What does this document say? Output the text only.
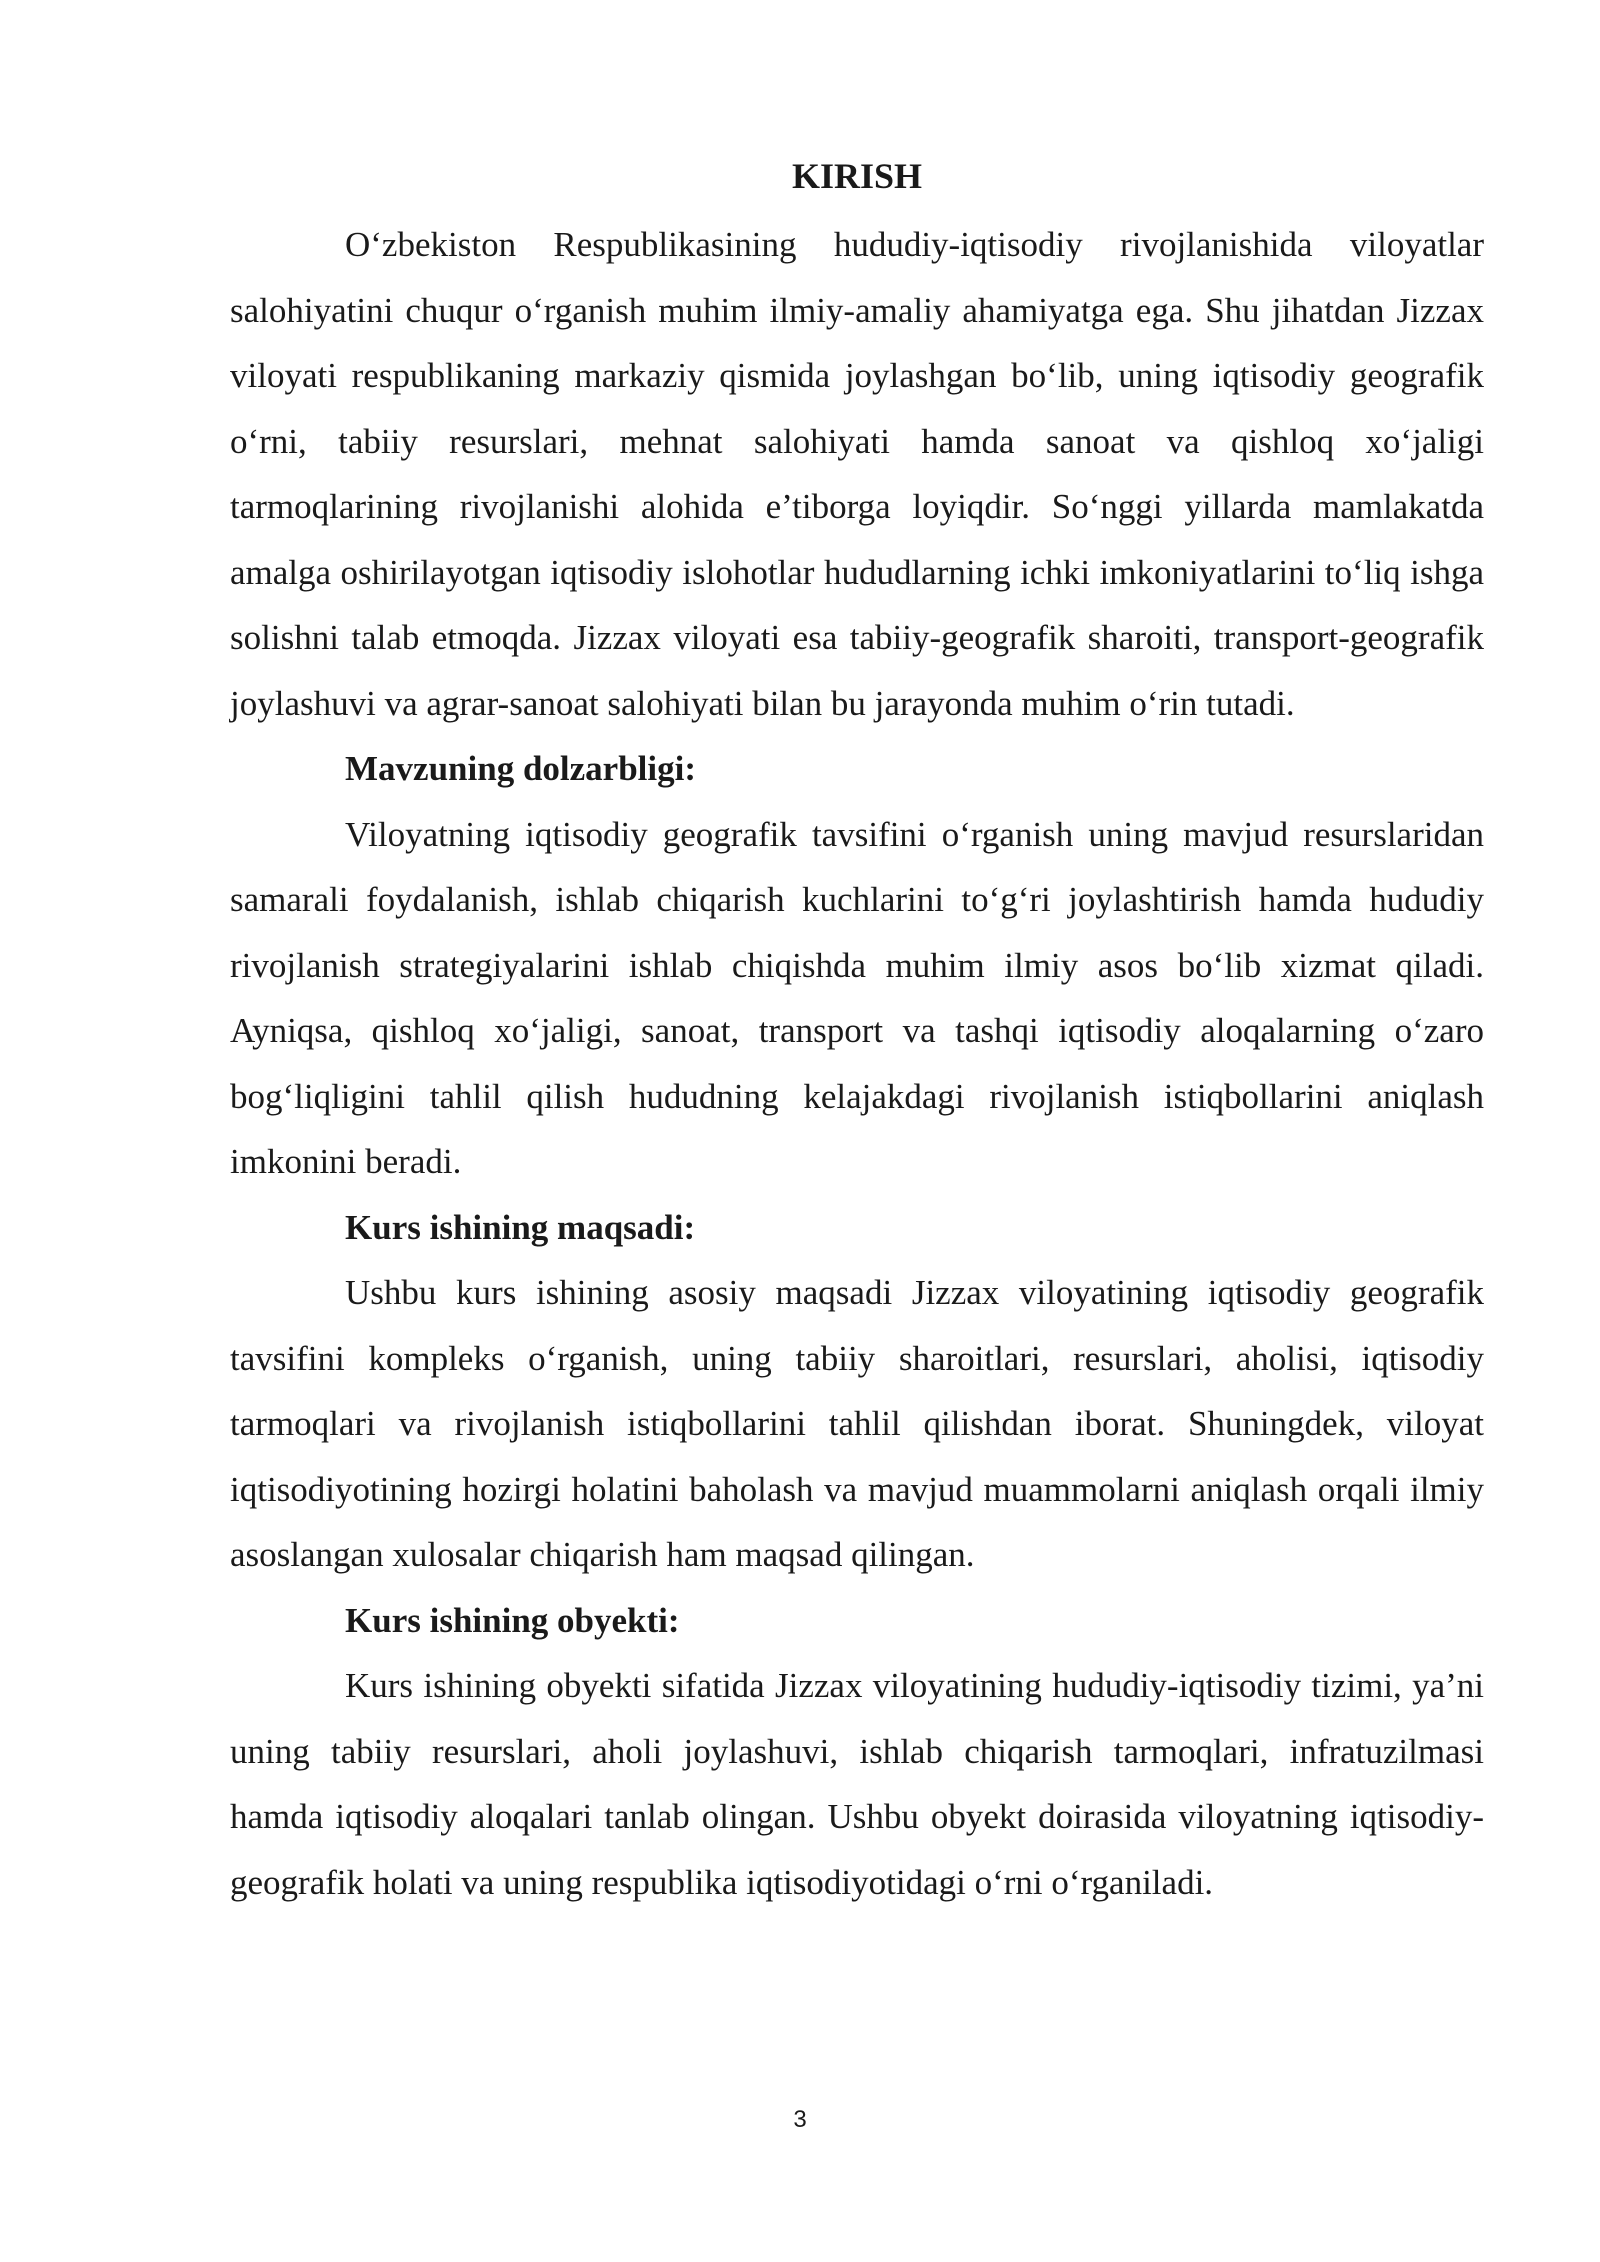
KIRISH

O‘zbekiston Respublikasining hududiy-iqtisodiy rivojlanishida viloyatlar salohiyatini chuqur o‘rganish muhim ilmiy-amaliy ahamiyatga ega. Shu jihatdan Jizzax viloyati respublikaning markaziy qismida joylashgan bo‘lib, uning iqtisodiy geografik o‘rni, tabiiy resurslari, mehnat salohiyati hamda sanoat va qishloq xo‘jaligi tarmoqlarining rivojlanishi alohida e’tiborga loyiqdir. So‘nggi yillarda mamlakatda amalga oshirilayotgan iqtisodiy islohotlar hududlarning ichki imkoniyatlarini to‘liq ishga solishni talab etmoqda. Jizzax viloyati esa tabiiy-geografik sharoiti, transport-geografik joylashuvi va agrar-sanoat salohiyati bilan bu jarayonda muhim o‘rin tutadi.

Mavzuning dolzarbligi:

Viloyatning iqtisodiy geografik tavsifini o‘rganish uning mavjud resurslaridan samarali foydalanish, ishlab chiqarish kuchlarini to‘g‘ri joylashtirish hamda hududiy rivojlanish strategiyalarini ishlab chiqishda muhim ilmiy asos bo‘lib xizmat qiladi. Ayniqsa, qishloq xo‘jaligi, sanoat, transport va tashqi iqtisodiy aloqalarning o‘zaro bog‘liqligini tahlil qilish hududning kelajakdagi rivojlanish istiqbollarini aniqlash imkonini beradi.

Kurs ishining maqsadi:

Ushbu kurs ishining asosiy maqsadi Jizzax viloyatining iqtisodiy geografik tavsifini kompleks o‘rganish, uning tabiiy sharoitlari, resurslari, aholisi, iqtisodiy tarmoqlari va rivojlanish istiqbollarini tahlil qilishdan iborat. Shuningdek, viloyat iqtisodiyotining hozirgi holatini baholash va mavjud muammolarni aniqlash orqali ilmiy asoslangan xulosalar chiqarish ham maqsad qilingan.

Kurs ishining obyekti:

Kurs ishining obyekti sifatida Jizzax viloyatining hududiy-iqtisodiy tizimi, ya’ni uning tabiiy resurslari, aholi joylashuvi, ishlab chiqarish tarmoqlari, infratuzilmasi hamda iqtisodiy aloqalari tanlab olingan. Ushbu obyekt doirasida viloyatning iqtisodiy-geografik holati va uning respublika iqtisodiyotidagi o‘rni o‘rganiladi.

3
